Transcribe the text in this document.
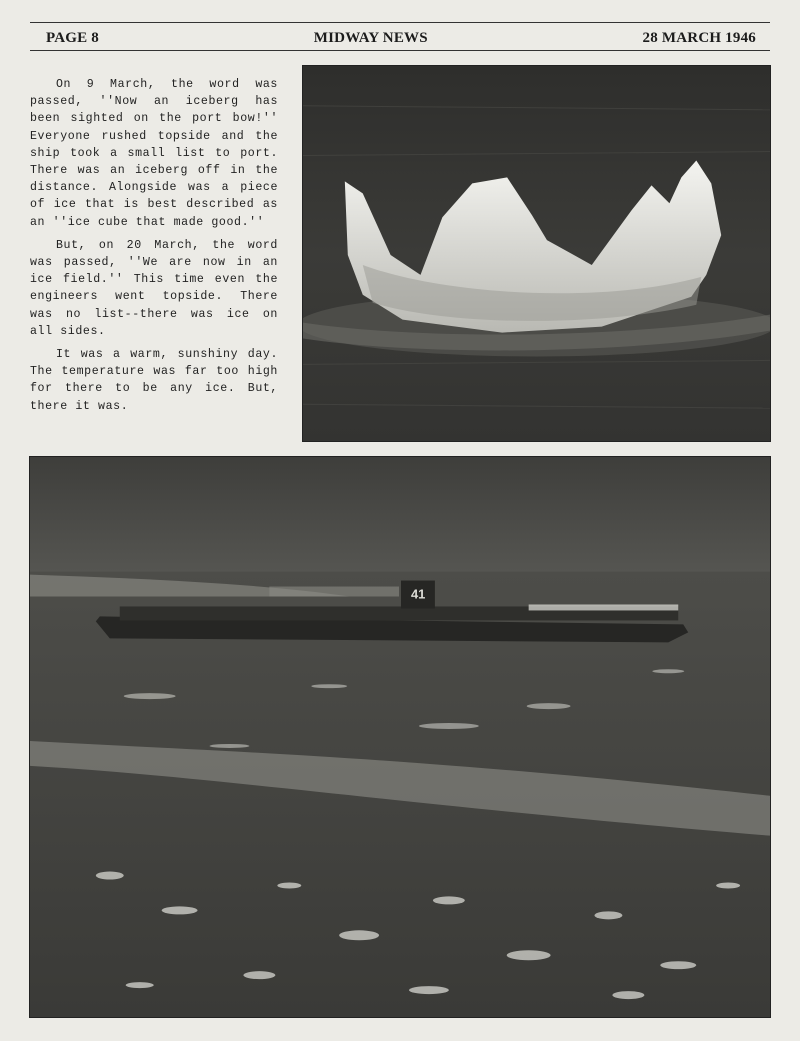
PAGE 8	MIDWAY NEWS	28 MARCH 1946

On 9 March, the word was passed, ''Now an iceberg has been sighted on the port bow!'' Everyone rushed topside and the ship took a small list to port. There was an iceberg off in the distance. Alongside was a piece of ice that is best described as an ''ice cube that made good.''

But, on 20 March, the word was passed, ''We are now in an ice field.'' This time even the engineers went topside. There was no list--there was ice on all sides.

It was a warm, sunshiny day. The temperature was far too high for there to be any ice. But, there it was.

41
